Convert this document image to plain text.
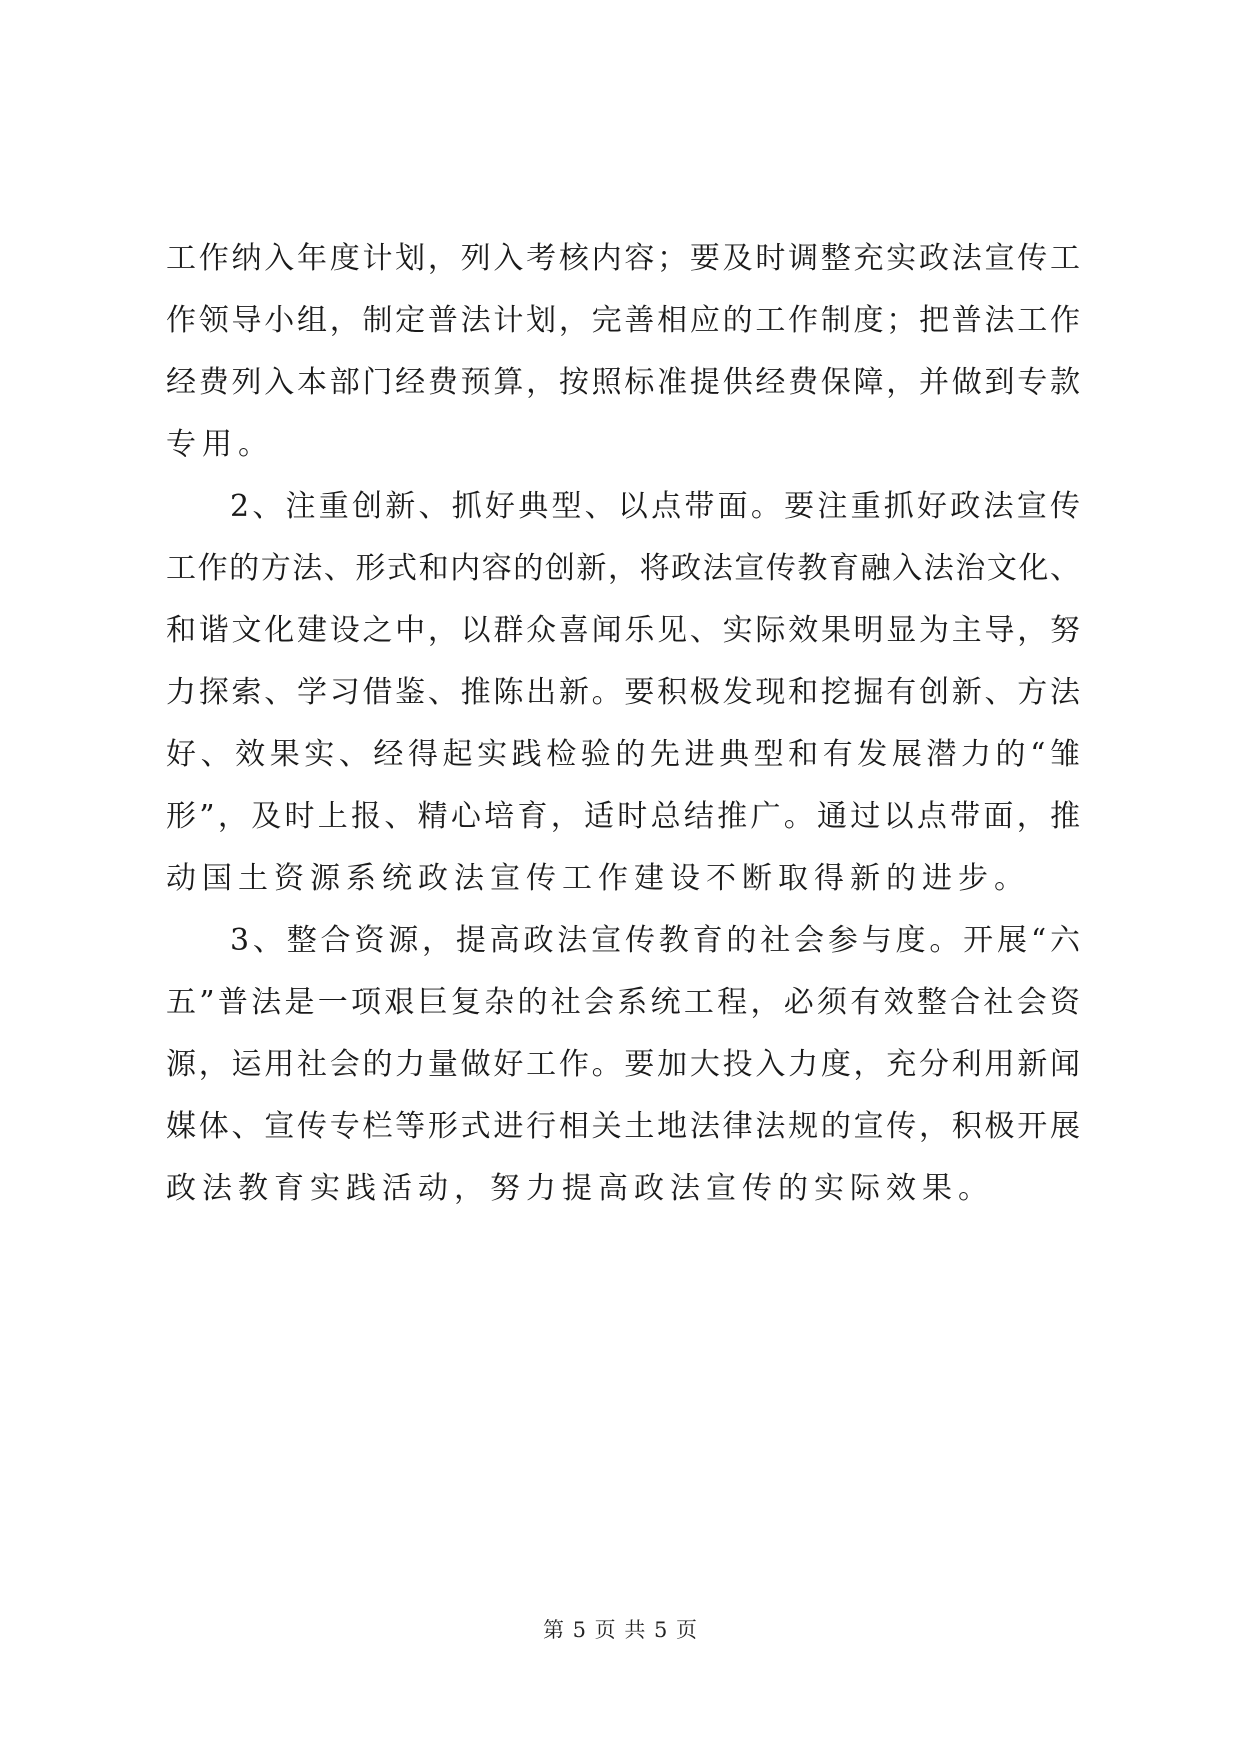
工作纳入年度计划，列入考核内容；要及时调整充实政法宣传工
作领导小组，制定普法计划，完善相应的工作制度；把普法工作
经费列入本部门经费预算，按照标准提供经费保障，并做到专款
专用。
2、注重创新、抓好典型、以点带面。要注重抓好政法宣传
工作的方法、形式和内容的创新，将政法宣传教育融入法治文化、
和谐文化建设之中，以群众喜闻乐见、实际效果明显为主导，努
力探索、学习借鉴、推陈出新。要积极发现和挖掘有创新、方法
好、效果实、经得起实践检验的先进典型和有发展潜力的“雏
形”，及时上报、精心培育，适时总结推广。通过以点带面，推
动国土资源系统政法宣传工作建设不断取得新的进步。
3、整合资源，提高政法宣传教育的社会参与度。开展“六
五”普法是一项艰巨复杂的社会系统工程，必须有效整合社会资
源，运用社会的力量做好工作。要加大投入力度，充分利用新闻
媒体、宣传专栏等形式进行相关土地法律法规的宣传，积极开展
政法教育实践活动，努力提高政法宣传的实际效果。
第 5 页 共 5 页
